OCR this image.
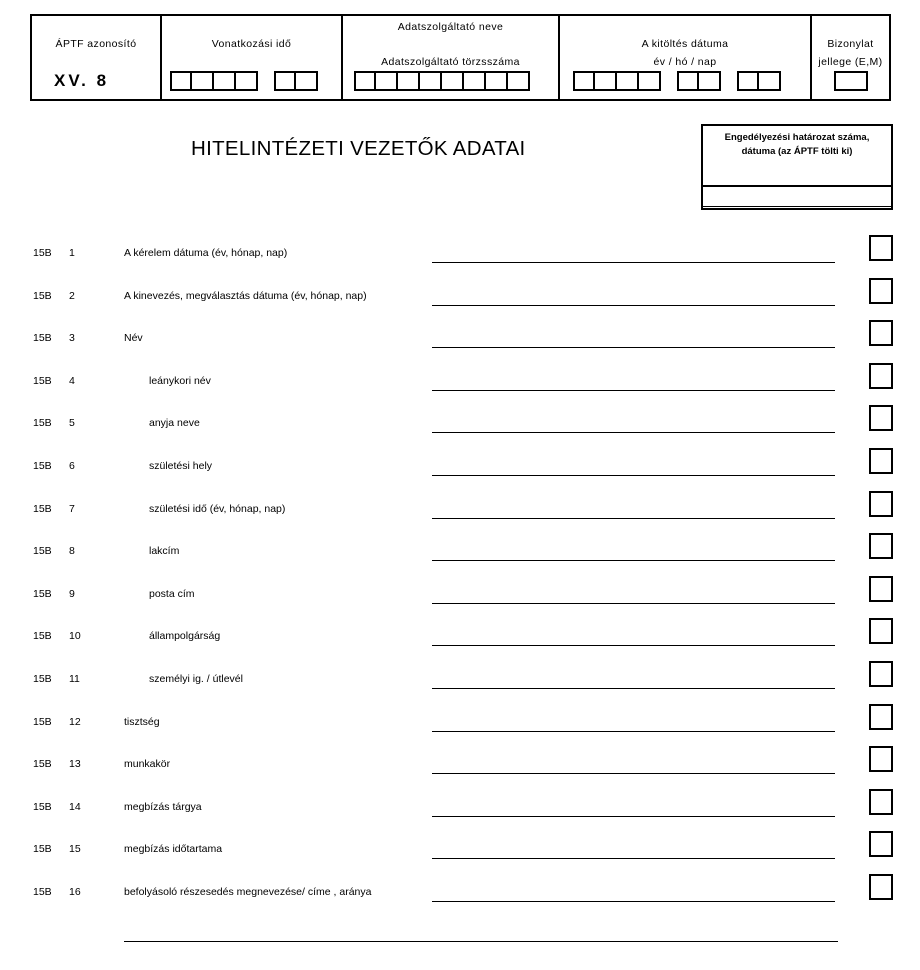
ÁPTF azonosító
XV. 8
Vonatkozási idő
Adatszolgáltató neve
Adatszolgáltató törzsszáma
A kitöltés dátuma
év / hó / nap
Bizonylat
jellege (E,M)
HITELINTÉZETI VEZETŐK ADATAI	Engedélyezési határozat száma,
dátuma (az ÁPTF tölti ki)
15B 1	A kérelem dátuma (év, hónap, nap)
15B 2	A kinevezés, megválasztás dátuma (év, hónap, nap)
15B 3	Név
15B 4	leánykori név
15B 5	anyja neve
15B 6	születési hely
15B 7	születési idő (év, hónap, nap)
15B 8	lakcím
15B 9	posta cím
15B 10	állampolgárság
15B 11	személyi ig. / útlevél
15B 12	tisztség
15B 13	munkakör
15B 14	megbízás tárgya
15B 15	megbízás időtartama
15B 16	befolyásoló részesedés megnevezése/ címe , aránya
